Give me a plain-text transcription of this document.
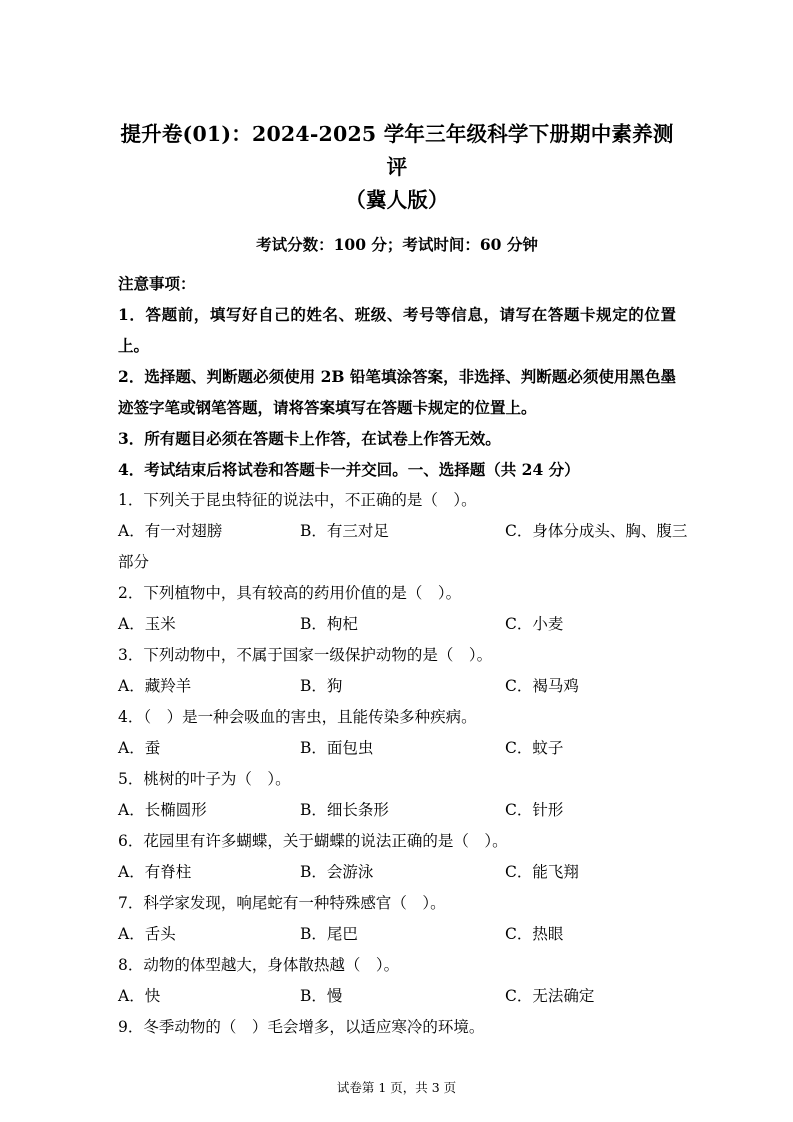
提升卷(01)：2024-2025 学年三年级科学下册期中素养测评
（冀人版）
考试分数：100 分；考试时间：60 分钟
注意事项：
1．答题前，填写好自己的姓名、班级、考号等信息，请写在答题卡规定的位置上。
2．选择题、判断题必须使用 2B 铅笔填涂答案，非选择、判断题必须使用黑色墨迹签字笔或钢笔答题，请将答案填写在答题卡规定的位置上。
3．所有题目必须在答题卡上作答，在试卷上作答无效。
4．考试结束后将试卷和答题卡一并交回。一、选择题（共 24 分）
1．下列关于昆虫特征的说法中，不正确的是（　）。
A．有一对翅膀	B．有三对足	C．身体分成头、胸、腹三
部分
2．下列植物中，具有较高的药用价值的是（　）。
A．玉米	B．枸杞	C．小麦
3．下列动物中，不属于国家一级保护动物的是（　）。
A．藏羚羊	B．狗	C．褐马鸡
4．（　）是一种会吸血的害虫，且能传染多种疾病。
A．蚕	B．面包虫	C．蚊子
5．桃树的叶子为（　）。
A．长椭圆形	B．细长条形	C．针形
6．花园里有许多蝴蝶，关于蝴蝶的说法正确的是（　）。
A．有脊柱	B．会游泳	C．能飞翔
7．科学家发现，响尾蛇有一种特殊感官（　）。
A．舌头	B．尾巴	C．热眼
8．动物的体型越大，身体散热越（　）。
A．快	B．慢	C．无法确定
9．冬季动物的（　）毛会增多，以适应寒冷的环境。
试卷第 1 页，共 3 页
